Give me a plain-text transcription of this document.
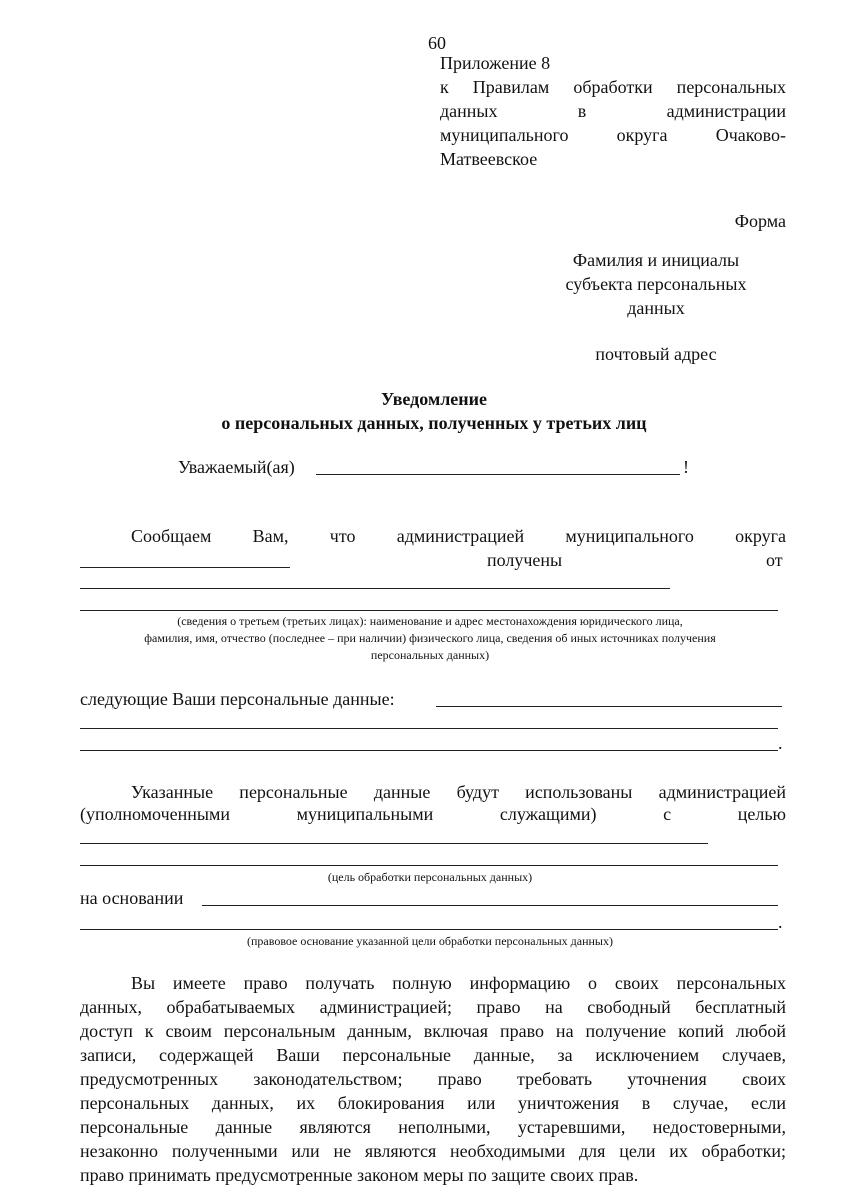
60
Приложение 8
к Правилам обработки персональных
данных в администрации
муниципального округа Очаково-
Матвеевское
Форма
Фамилия и инициалы
субъекта персональных
данных
почтовый адрес
Уведомление
о персональных данных, полученных у третьих лиц
Уважаемый(ая)	!
Сообщаем Вам, что администрацией муниципального округа
получены	от
(сведения о третьем (третьих лицах): наименование и адрес местонахождения юридического лица,
фамилия, имя, отчество (последнее – при наличии) физического лица, сведения об иных источниках получения
персональных данных)
следующие Ваши персональные данные:
.
Указанные персональные данные будут использованы администрацией
(уполномоченными муниципальными служащими) с целью
(цель обработки персональных данных)
на основании
.
(правовое основание указанной цели обработки персональных данных)
Вы имеете право получать полную информацию о своих персональных
данных, обрабатываемых администрацией; право на свободный бесплатный
доступ к своим персональным данным, включая право на получение копий любой
записи, содержащей Ваши персональные данные, за исключением случаев,
предусмотренных законодательством; право требовать уточнения своих
персональных данных, их блокирования или уничтожения в случае, если
персональные данные являются неполными, устаревшими, недостоверными,
незаконно полученными или не являются необходимыми для цели их обработки;
право принимать предусмотренные законом меры по защите своих прав.
